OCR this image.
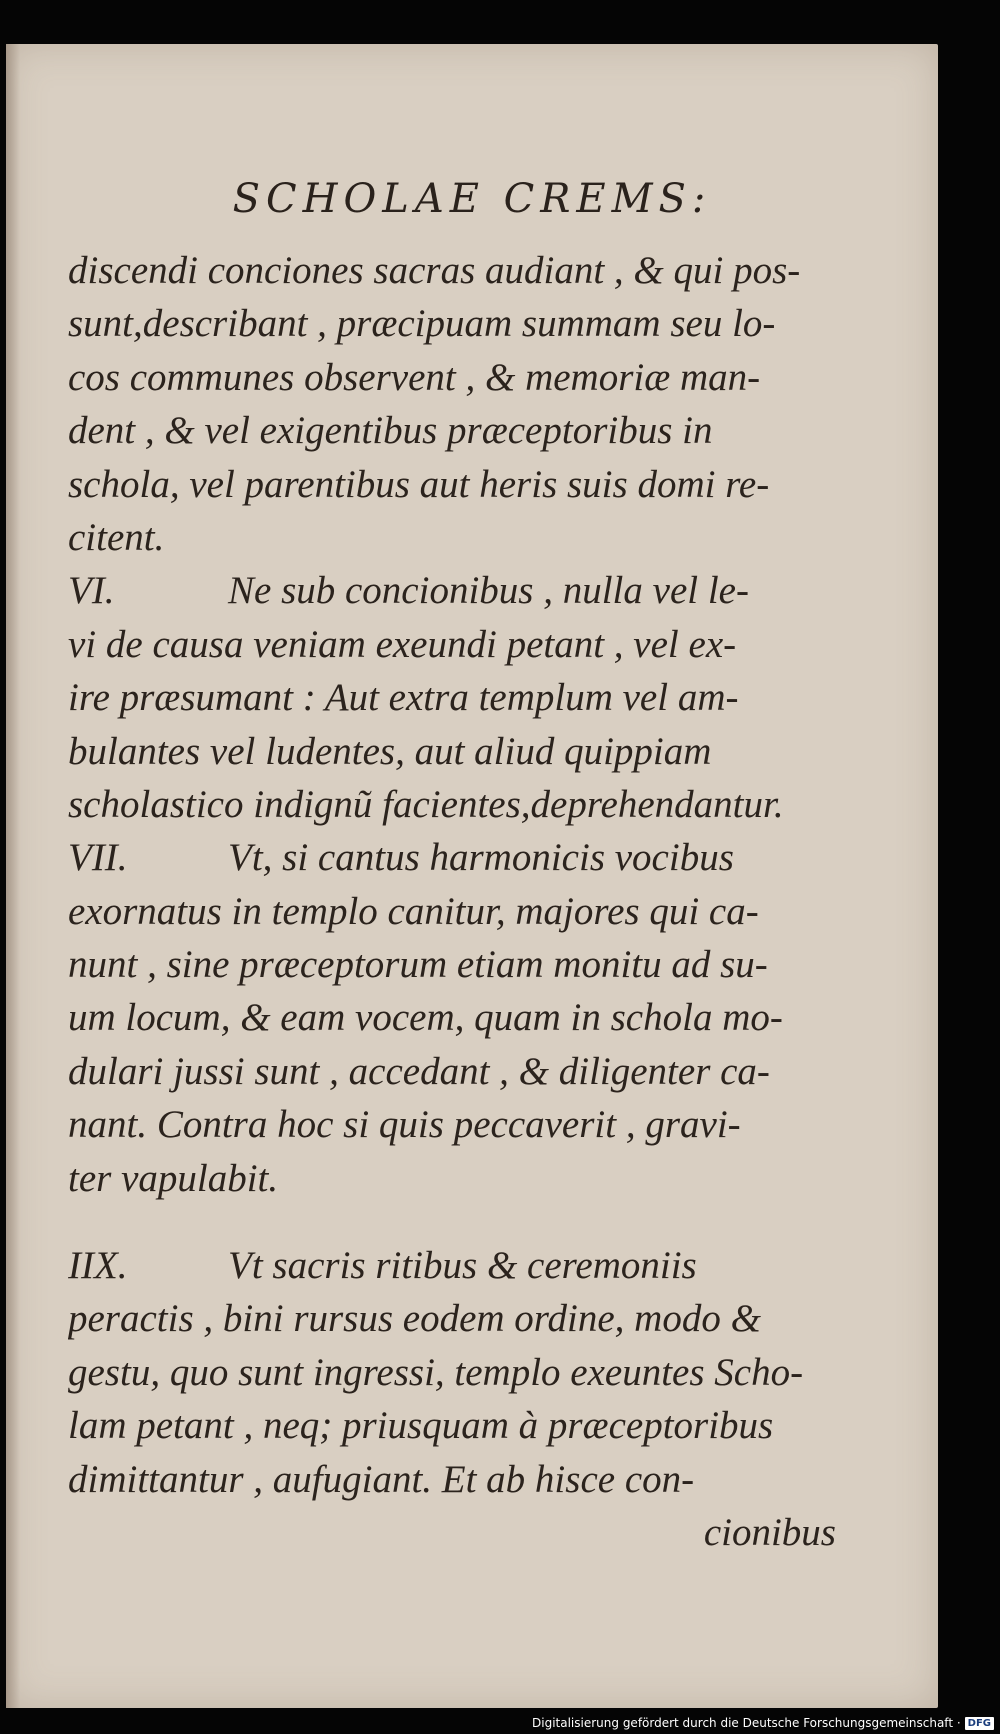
SCHOLAE CREMS:
discendi conciones sacras audiant , & qui pos-
sunt,describant , præcipuam summam seu lo-
cos communes observent , & memoriæ man-
dent , & vel exigentibus præceptoribus in
schola, vel parentibus aut heris suis domi re-
citent.
VI.	Ne sub concionibus , nulla vel le-
vi de causa veniam exeundi petant , vel ex-
ire præsumant : Aut extra templum vel am-
bulantes vel ludentes, aut aliud quippiam
scholastico indignũ facientes,deprehendantur.
VII.	Vt, si cantus harmonicis vocibus
exornatus in templo canitur, majores qui ca-
nunt , sine præceptorum etiam monitu ad su-
um locum, & eam vocem, quam in schola mo-
dulari jussi sunt , accedant , & diligenter ca-
nant. Contra hoc si quis peccaverit , gravi-
ter vapulabit.
IIX.	Vt sacris ritibus & ceremoniis
peractis , bini rursus eodem ordine, modo &
gestu, quo sunt ingressi, templo exeuntes Scho-
lam petant , neq; priusquam à præceptoribus
dimittantur , aufugiant. Et ab hisce con-
cionibus
Digitalisierung gefördert durch die Deutsche Forschungsgemeinschaft · DFG
